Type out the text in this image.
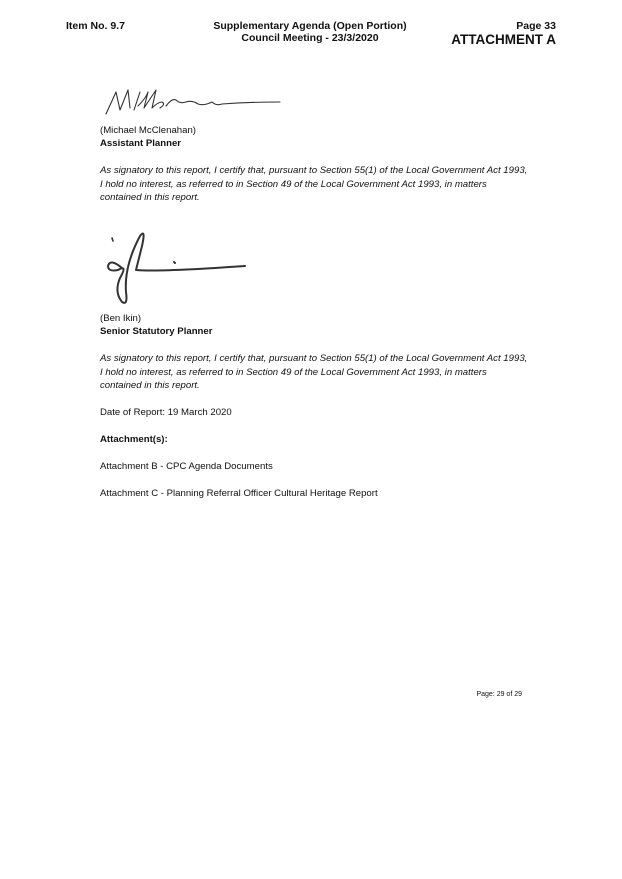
Item No. 9.7	Supplementary Agenda (Open Portion)
Council Meeting - 23/3/2020
Page 33
ATTACHMENT A
(Michael McClenahan)
Assistant Planner
As signatory to this report, I certify that, pursuant to Section 55(1) of the Local Government Act 1993, I hold no interest, as referred to in Section 49 of the Local Government Act 1993, in matters contained in this report.
(Ben Ikin)
Senior Statutory Planner
As signatory to this report, I certify that, pursuant to Section 55(1) of the Local Government Act 1993, I hold no interest, as referred to in Section 49 of the Local Government Act 1993, in matters contained in this report.
Date of Report: 19 March 2020
Attachment(s):
Attachment B - CPC Agenda Documents
Attachment C - Planning Referral Officer Cultural Heritage Report
Page: 29 of 29
